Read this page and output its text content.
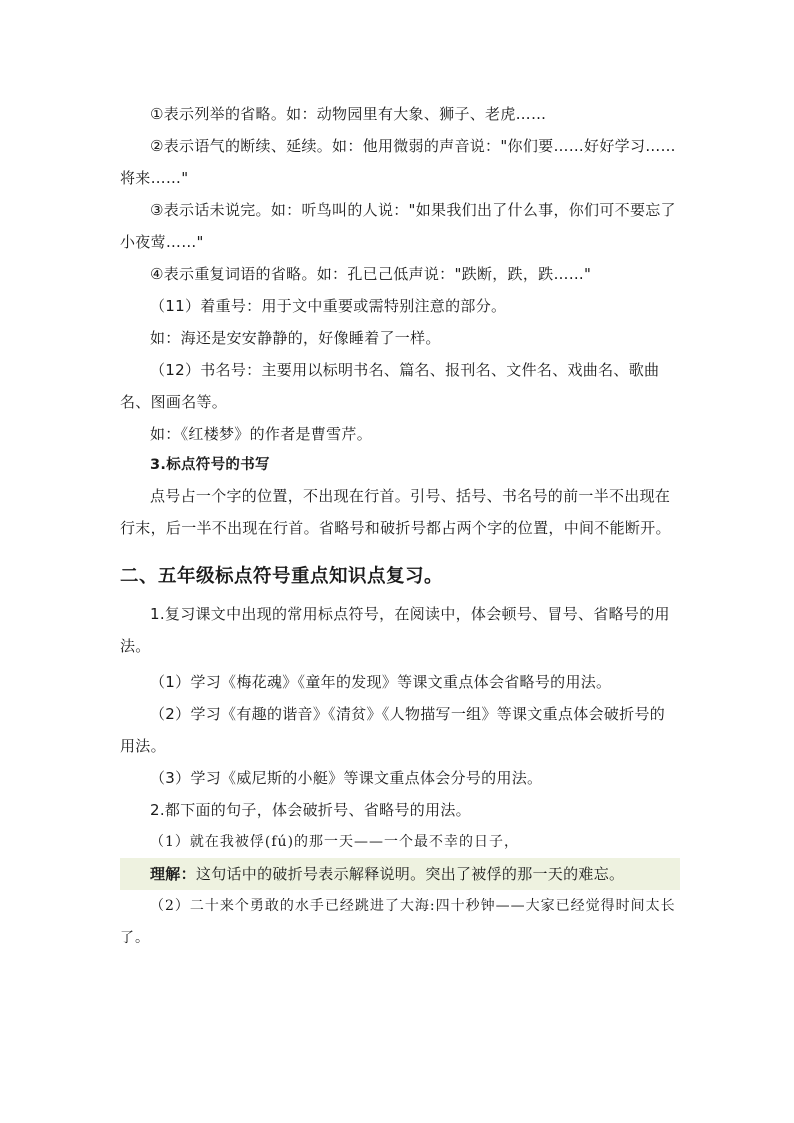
①表示列举的省略。如：动物园里有大象、狮子、老虎……

②表示语气的断续、延续。如：他用微弱的声音说："你们要……好好学习……将来……"

③表示话未说完。如：听鸟叫的人说："如果我们出了什么事，你们可不要忘了小夜莺……"

④表示重复词语的省略。如：孔已己低声说："跌断，跌，跌……"

（11）着重号：用于文中重要或需特别注意的部分。

如：海还是安安静静的，好像睡着了一样。

（12）书名号：主要用以标明书名、篇名、报刊名、文件名、戏曲名、歌曲名、图画名等。

如：《红楼梦》的作者是曹雪芹。

3.标点符号的书写

点号占一个字的位置，不出现在行首。引号、括号、书名号的前一半不出现在行末，后一半不出现在行首。省略号和破折号都占两个字的位置，中间不能断开。

二、五年级标点符号重点知识点复习。

1.复习课文中出现的常用标点符号，在阅读中，体会顿号、冒号、省略号的用法。

（1）学习《梅花魂》《童年的发现》等课文重点体会省略号的用法。

（2）学习《有趣的谐音》《清贫》《人物描写一组》等课文重点体会破折号的用法。

（3）学习《威尼斯的小艇》等课文重点体会分号的用法。

2.都下面的句子，体会破折号、省略号的用法。

（1）就在我被俘(fú)的那一天——一个最不幸的日子，

理解：这句话中的破折号表示解释说明。突出了被俘的那一天的难忘。

（2）二十来个勇敢的水手已经跳进了大海:四十秒钟——大家已经觉得时间太长了。
